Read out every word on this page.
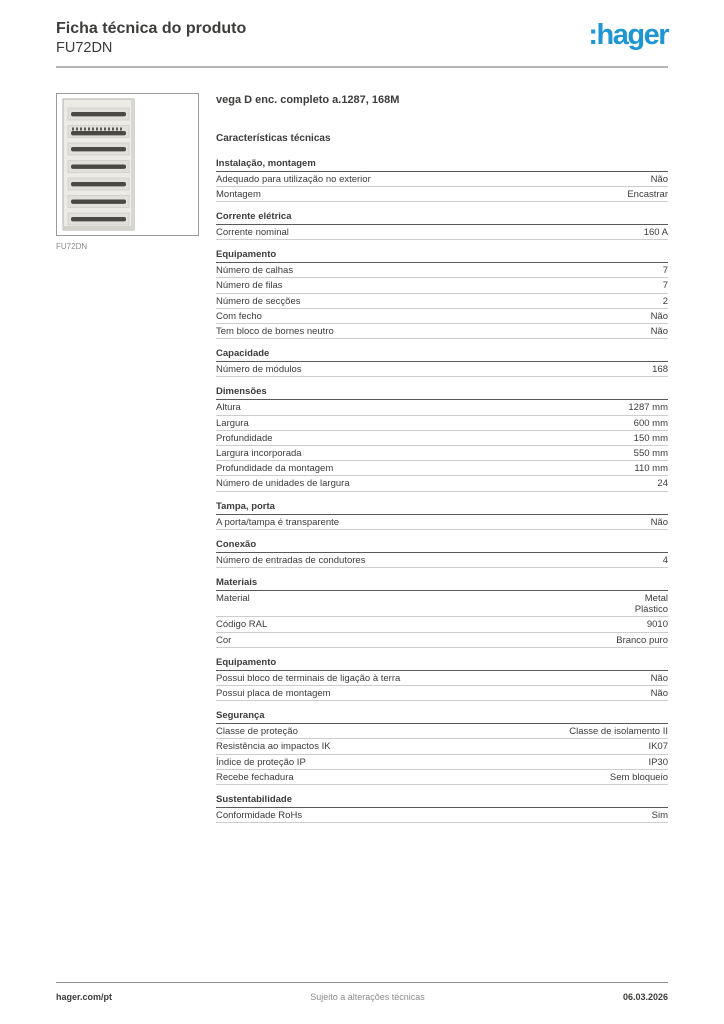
Ficha técnica do produto
FU72DN	:hager
FU72DN
vega D enc. completo a.1287, 168M
Características técnicas
Instalação, montagem
Adequado para utilização no exterior	Não
Montagem	Encastrar
Corrente elétrica
Corrente nominal	160 A
Equipamento
Número de calhas	7
Número de filas	7
Número de secções	2
Com fecho	Não
Tem bloco de bornes neutro	Não
Capacidade
Número de módulos	168
Dimensões
Altura	1287 mm
Largura	600 mm
Profundidade	150 mm
Largura incorporada	550 mm
Profundidade da montagem	110 mm
Número de unidades de largura	24
Tampa, porta
A porta/tampa é transparente	Não
Conexão
Número de entradas de condutores	4
Materiais
Material	Metal
Plástico
Código RAL	9010
Cor	Branco puro
Equipamento
Possui bloco de terminais de ligação à terra	Não
Possui placa de montagem	Não
Segurança
Classe de proteção	Classe de isolamento II
Resistência ao impactos IK	IK07
Índice de proteção IP	IP30
Recebe fechadura	Sem bloqueio
Sustentabilidade
Conformidade RoHs	Sim
hager.com/pt	Sujeito a alterações técnicas	06.03.2026
